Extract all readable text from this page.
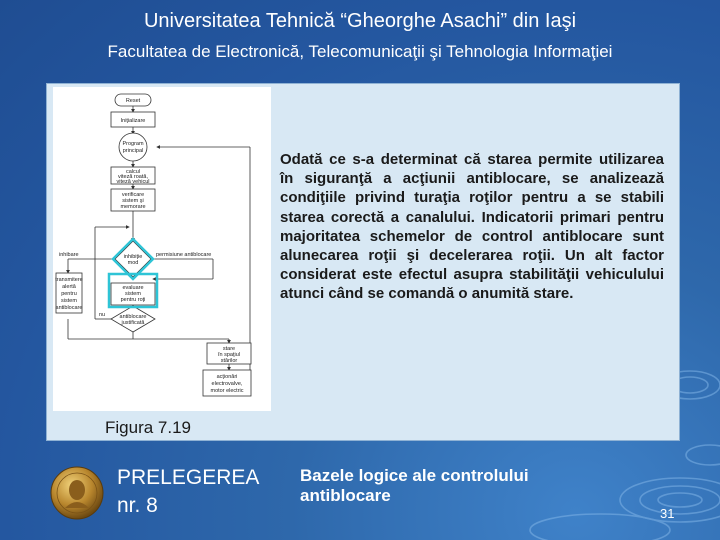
Universitatea Tehnică “Gheorghe Asachi” din Iaşi
Facultatea de Electronică, Telecomunicaţii şi Tehnologia Informaţiei
Reset
Iniţializare
Program
principal
calcul
viteză roată,
viteză vehicul
verificare
sistem şi
memorare
inhibare	permisiune antiblocare
inhibiţie
mod
transmitere
alertă
pentru
sistem
antiblocare
evaluare
sistem
pentru roţi
antiblocare
justificată
nu
stare
în spaţiul
stărilor
acţionări
electrovalve,
motor electric

Odată ce s-a determinat că starea permite utilizarea în siguranţă a acţiunii antiblocare, se analizează condiţiile privind turaţia roţilor pentru a se stabili starea corectă a canalului. Indicatorii primari pentru majoritatea schemelor de control antiblocare sunt alunecarea roţii şi decelerarea roţii. Un alt factor considerat este efectul asupra stabilităţii vehiculului atunci când se comandă o anumită stare.

Figura 7.19
PRELEGEREA
nr. 8
Bazele logice ale controlului antiblocare
31
